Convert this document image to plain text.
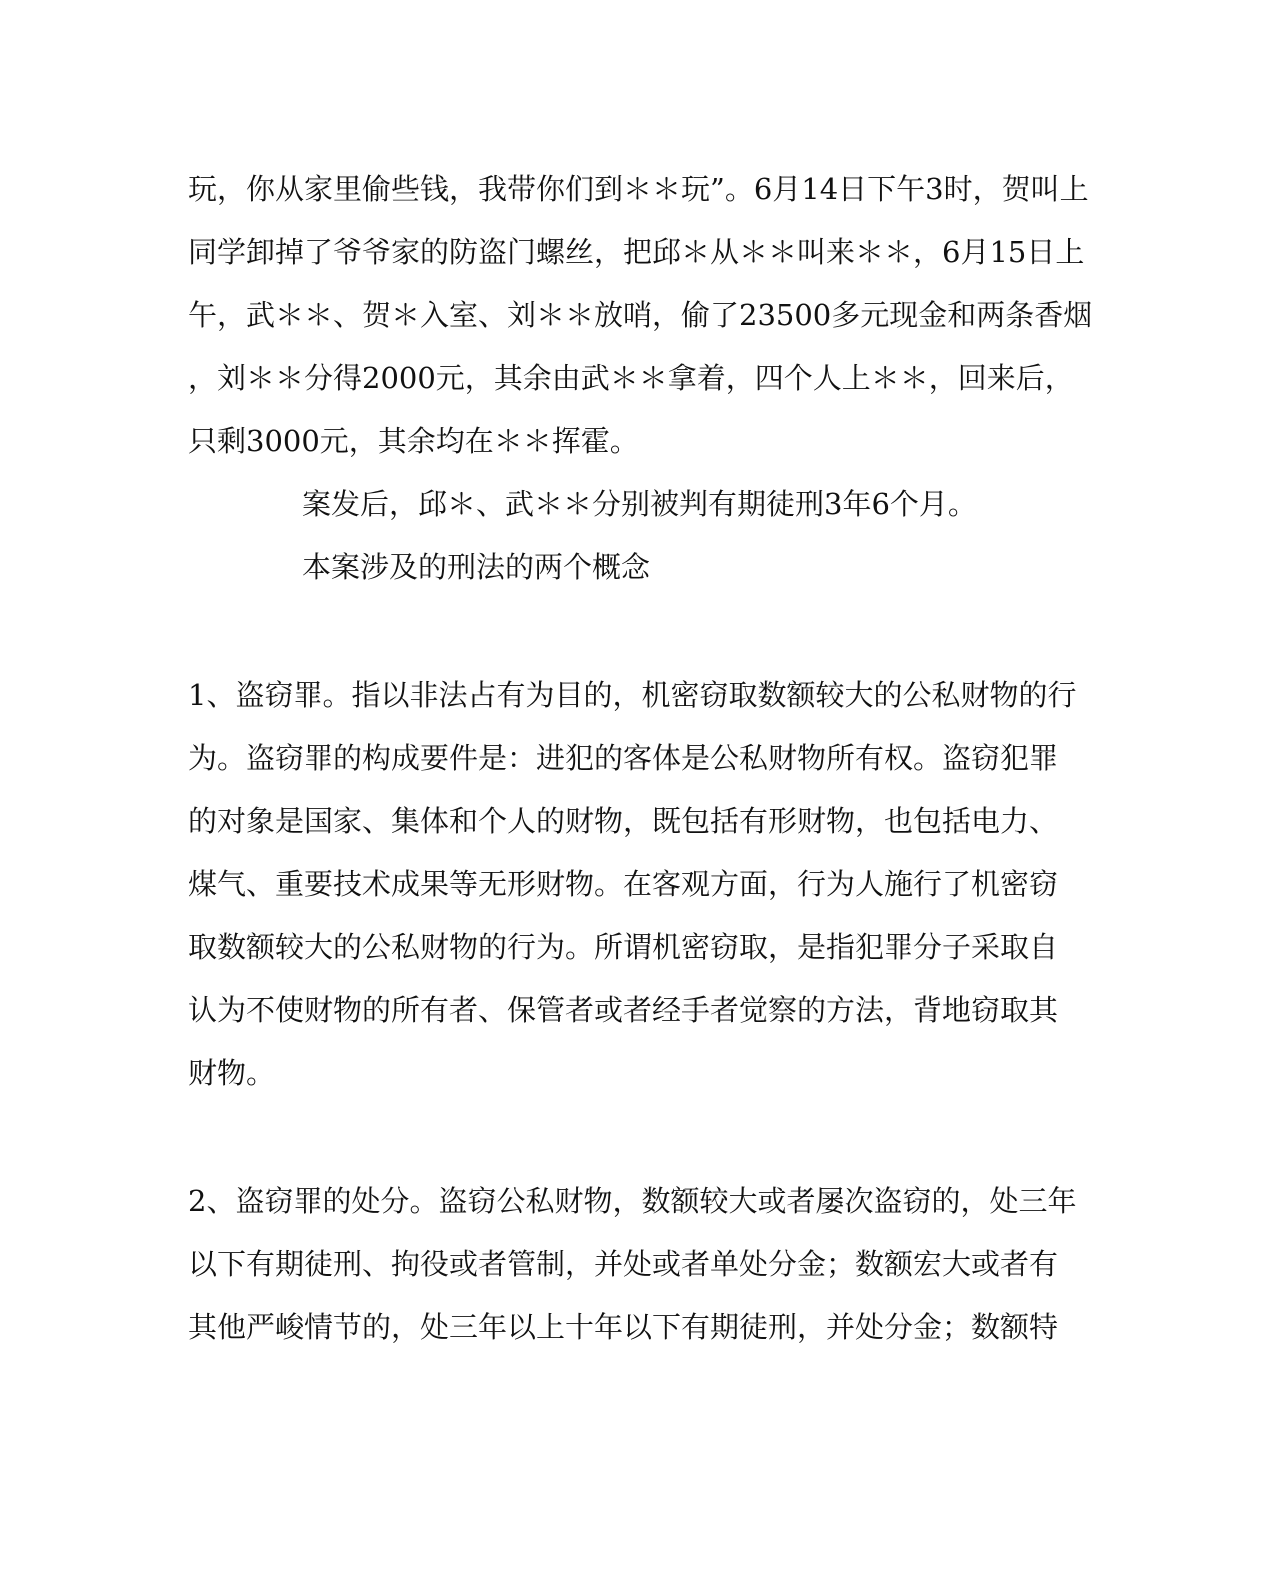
玩，你从家里偷些钱，我带你们到＊＊玩”。6月14日下午3时，贺叫上
同学卸掉了爷爷家的防盗门螺丝，把邱＊从＊＊叫来＊＊，6月15日上
午，武＊＊、贺＊入室、刘＊＊放哨，偷了23500多元现金和两条香烟
，刘＊＊分得2000元，其余由武＊＊拿着，四个人上＊＊，回来后，
只剩3000元，其余均在＊＊挥霍。
案发后，邱＊、武＊＊分别被判有期徒刑3年6个月。
本案涉及的刑法的两个概念
1、盗窃罪。指以非法占有为目的，机密窃取数额较大的公私财物的行
为。盗窃罪的构成要件是：进犯的客体是公私财物所有权。盗窃犯罪
的对象是国家、集体和个人的财物，既包括有形财物，也包括电力、
煤气、重要技术成果等无形财物。在客观方面，行为人施行了机密窃
取数额较大的公私财物的行为。所谓机密窃取，是指犯罪分子采取自
认为不使财物的所有者、保管者或者经手者觉察的方法，背地窃取其
财物。
2、盗窃罪的处分。盗窃公私财物，数额较大或者屡次盗窃的，处三年
以下有期徒刑、拘役或者管制，并处或者单处分金；数额宏大或者有
其他严峻情节的，处三年以上十年以下有期徒刑，并处分金；数额特
